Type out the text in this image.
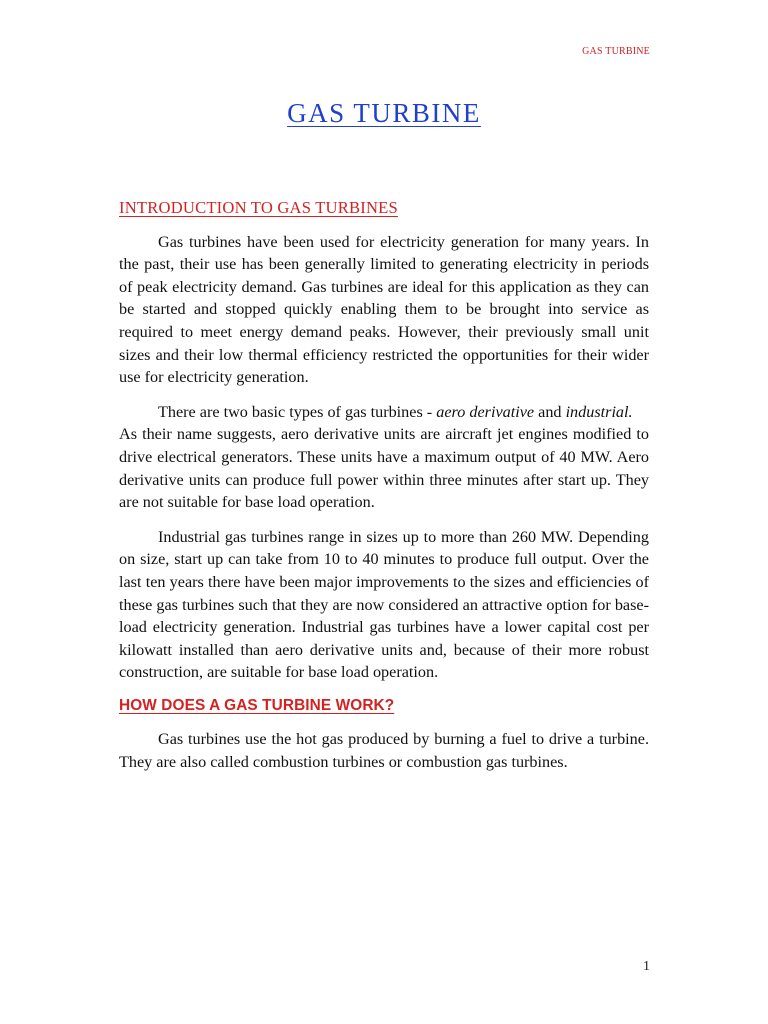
GAS TURBINE
GAS TURBINE
INTRODUCTION TO GAS TURBINES

Gas turbines have been used for electricity generation for many years. In the past, their use has been generally limited to generating electricity in periods of peak electricity demand. Gas turbines are ideal for this application as they can be started and stopped quickly enabling them to be brought into service as required to meet energy demand peaks. However, their previously small unit sizes and their low thermal efficiency restricted the opportunities for their wider use for electricity generation.

There are two basic types of gas turbines - aero derivative and industrial.

As their name suggests, aero derivative units are aircraft jet engines modified to drive electrical generators. These units have a maximum output of 40 MW. Aero derivative units can produce full power within three minutes after start up. They are not suitable for base load operation.

Industrial gas turbines range in sizes up to more than 260 MW. Depending on size, start up can take from 10 to 40 minutes to produce full output. Over the last ten years there have been major improvements to the sizes and efficiencies of these gas turbines such that they are now considered an attractive option for base-load electricity generation. Industrial gas turbines have a lower capital cost per kilowatt installed than aero derivative units and, because of their more robust construction, are suitable for base load operation.

HOW DOES A GAS TURBINE WORK?

Gas turbines use the hot gas produced by burning a fuel to drive a turbine. They are also called combustion turbines or combustion gas turbines.

1
